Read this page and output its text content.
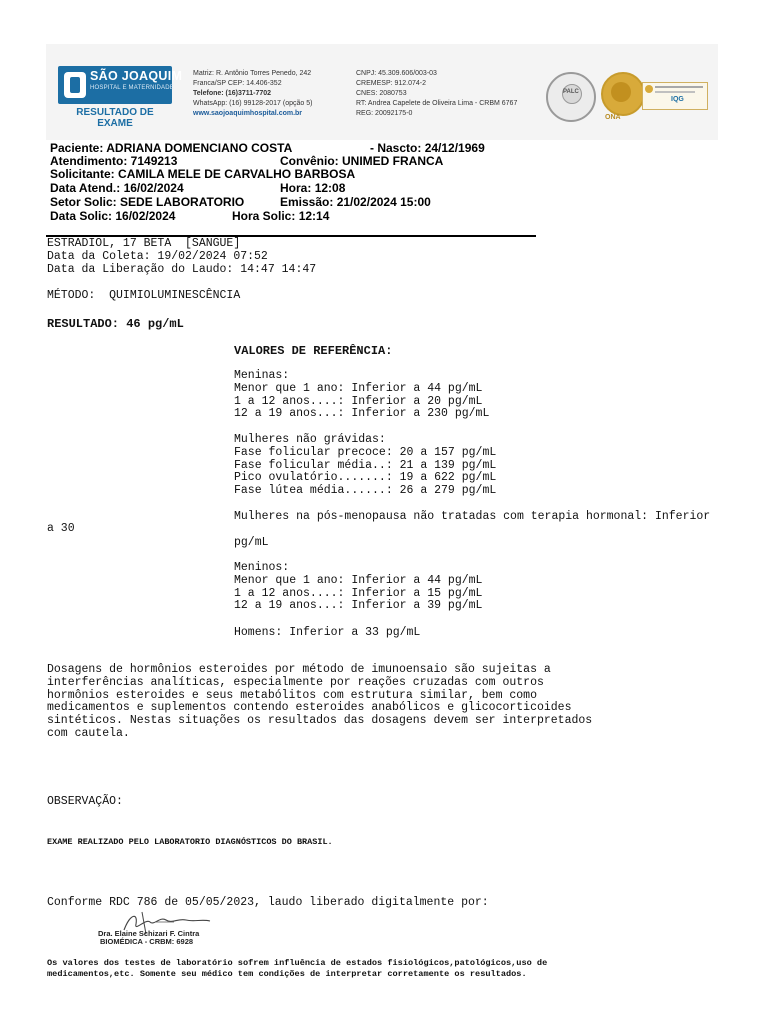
SÃO JOAQUIM
HOSPITAL E MATERNIDADE
RESULTADO DE EXAME
Matriz: R. Antônio Torres Penedo, 242
Franca/SP CEP: 14.406-352
Telefone: (16)3711-7702
WhatsApp: (16) 99128-2017 (opção 5)
www.saojoaquimhospital.com.br
CNPJ: 45.309.606/003-03
CREMESP: 912.074-2
CNES: 2080753
RT: Andrea Capelete de Oliveira Lima - CRBM 6767
REG: 20092175-0
PALC
ONA
IQG
Paciente: ADRIANA DOMENCIANO COSTA	- Nascto: 24/12/1969
Atendimento: 7149213	Convênio: UNIMED FRANCA
Solicitante: CAMILA MELE DE CARVALHO BARBOSA
Data Atend.: 16/02/2024	Hora: 12:08
Setor Solic: SEDE LABORATORIO	Emissão: 21/02/2024 15:00
Data Solic: 16/02/2024	Hora Solic: 12:14
ESTRADIOL, 17 BETA  [SANGUE]
Data da Coleta: 19/02/2024 07:52
Data da Liberação do Laudo: 14:47 14:47
MÉTODO:  QUIMIOLUMINESCÊNCIA
RESULTADO: 46 pg/mL
VALORES DE REFERÊNCIA:
Meninas:
Menor que 1 ano: Inferior a 44 pg/mL
1 a 12 anos....: Inferior a 20 pg/mL
12 a 19 anos...: Inferior a 230 pg/mL
Mulheres não grávidas:
Fase folicular precoce: 20 a 157 pg/mL
Fase folicular média..: 21 a 139 pg/mL
Pico ovulatório.......: 19 a 622 pg/mL
Fase lútea média......: 26 a 279 pg/mL
Mulheres na pós-menopausa não tratadas com terapia hormonal: Inferior
a 30
pg/mL
Meninos:
Menor que 1 ano: Inferior a 44 pg/mL
1 a 12 anos....: Inferior a 15 pg/mL
12 a 19 anos...: Inferior a 39 pg/mL
Homens: Inferior a 33 pg/mL
Dosagens de hormônios esteroides por método de imunoensaio são sujeitas a
interferências analíticas, especialmente por reações cruzadas com outros
hormônios esteroides e seus metabólitos com estrutura similar, bem como
medicamentos e suplementos contendo esteroides anabólicos e glicocorticoides
sintéticos. Nestas situações os resultados das dosagens devem ser interpretados
com cautela.
OBSERVAÇÃO:
EXAME REALIZADO PELO LABORATORIO DIAGNÓSTICOS DO BRASIL.
Conforme RDC 786 de 05/05/2023, laudo liberado digitalmente por:
Dra. Elaine Schizari F. Cintra
BIOMÉDICA - CRBM: 6928
Os valores dos testes de laboratório sofrem influência de estados fisiológicos,patológicos,uso de
medicamentos,etc. Somente seu médico tem condições de interpretar corretamente os resultados.
